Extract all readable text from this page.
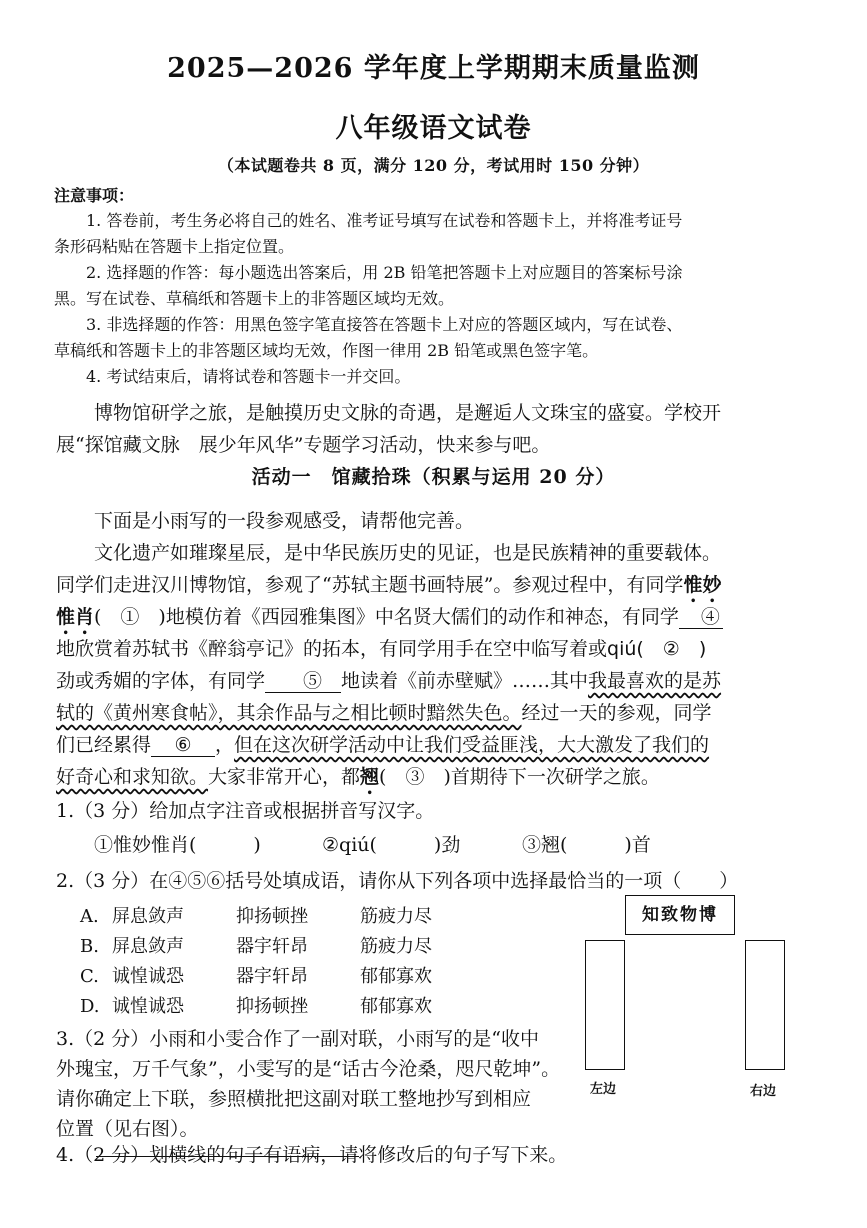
2025—2026 学年度上学期期末质量监测
八年级语文试卷
（本试题卷共 8 页，满分 120 分，考试用时 150 分钟）
注意事项：
1. 答卷前，考生务必将自己的姓名、准考证号填写在试卷和答题卡上，并将准考证号
条形码粘贴在答题卡上指定位置。
2. 选择题的作答：每小题选出答案后，用 2B 铅笔把答题卡上对应题目的答案标号涂
黑。写在试卷、草稿纸和答题卡上的非答题区域均无效。
3. 非选择题的作答：用黑色签字笔直接答在答题卡上对应的答题区域内，写在试卷、
草稿纸和答题卡上的非答题区域均无效，作图一律用 2B 铅笔或黑色签字笔。
4. 考试结束后，请将试卷和答题卡一并交回。
博物馆研学之旅，是触摸历史文脉的奇遇，是邂逅人文珠宝的盛宴。学校开
展“探馆藏文脉　展少年风华”专题学习活动，快来参与吧。
活动一　馆藏拾珠（积累与运用 20 分）
下面是小雨写的一段参观感受，请帮他完善。
文化遗产如璀璨星辰，是中华民族历史的见证，也是民族精神的重要载体。
同学们走进汉川博物馆，参观了“苏轼主题书画特展”。参观过程中，有同学惟妙
惟肖(　①　)地模仿着《西园雅集图》中名贤大儒们的动作和神态，有同学　④
地欣赏着苏轼书《醉翁亭记》的拓本，有同学用手在空中临写着或qiú(　②　)
劲或秀媚的字体，有同学　⑤　地读着《前赤壁赋》……其中我最喜欢的是苏
轼的《黄州寒食帖》，其余作品与之相比顿时黯然失色。经过一天的参观，同学
们已经累得 ⑥ ，但在这次研学活动中让我们受益匪浅，大大激发了我们的
好奇心和求知欲。大家非常开心，都翘(　③　)首期待下一次研学之旅。
1.（3 分）给加点字注音或根据拼音写汉字。
①惟妙惟肖(　　　)	②qiú(　　　)劲	③翘(　　　)首
2.（3 分）在④⑤⑥括号处填成语，请你从下列各项中选择最恰当的一项（　　）
A. 屏息敛声	抑扬顿挫	筋疲力尽
B. 屏息敛声	器宇轩昂	筋疲力尽
C. 诚惶诚恐	器宇轩昂	郁郁寡欢
D. 诚惶诚恐	抑扬顿挫	郁郁寡欢
3.（2 分）小雨和小雯合作了一副对联，小雨写的是“收中
外瑰宝，万千气象”，小雯写的是“话古今沧桑，咫尺乾坤”。
请你确定上下联，参照横批把这副对联工整地抄写到相应
位置（见右图）。
知致物博
左边	右边
4.（2 分）划横线的句子有语病，请将修改后的句子写下来。
